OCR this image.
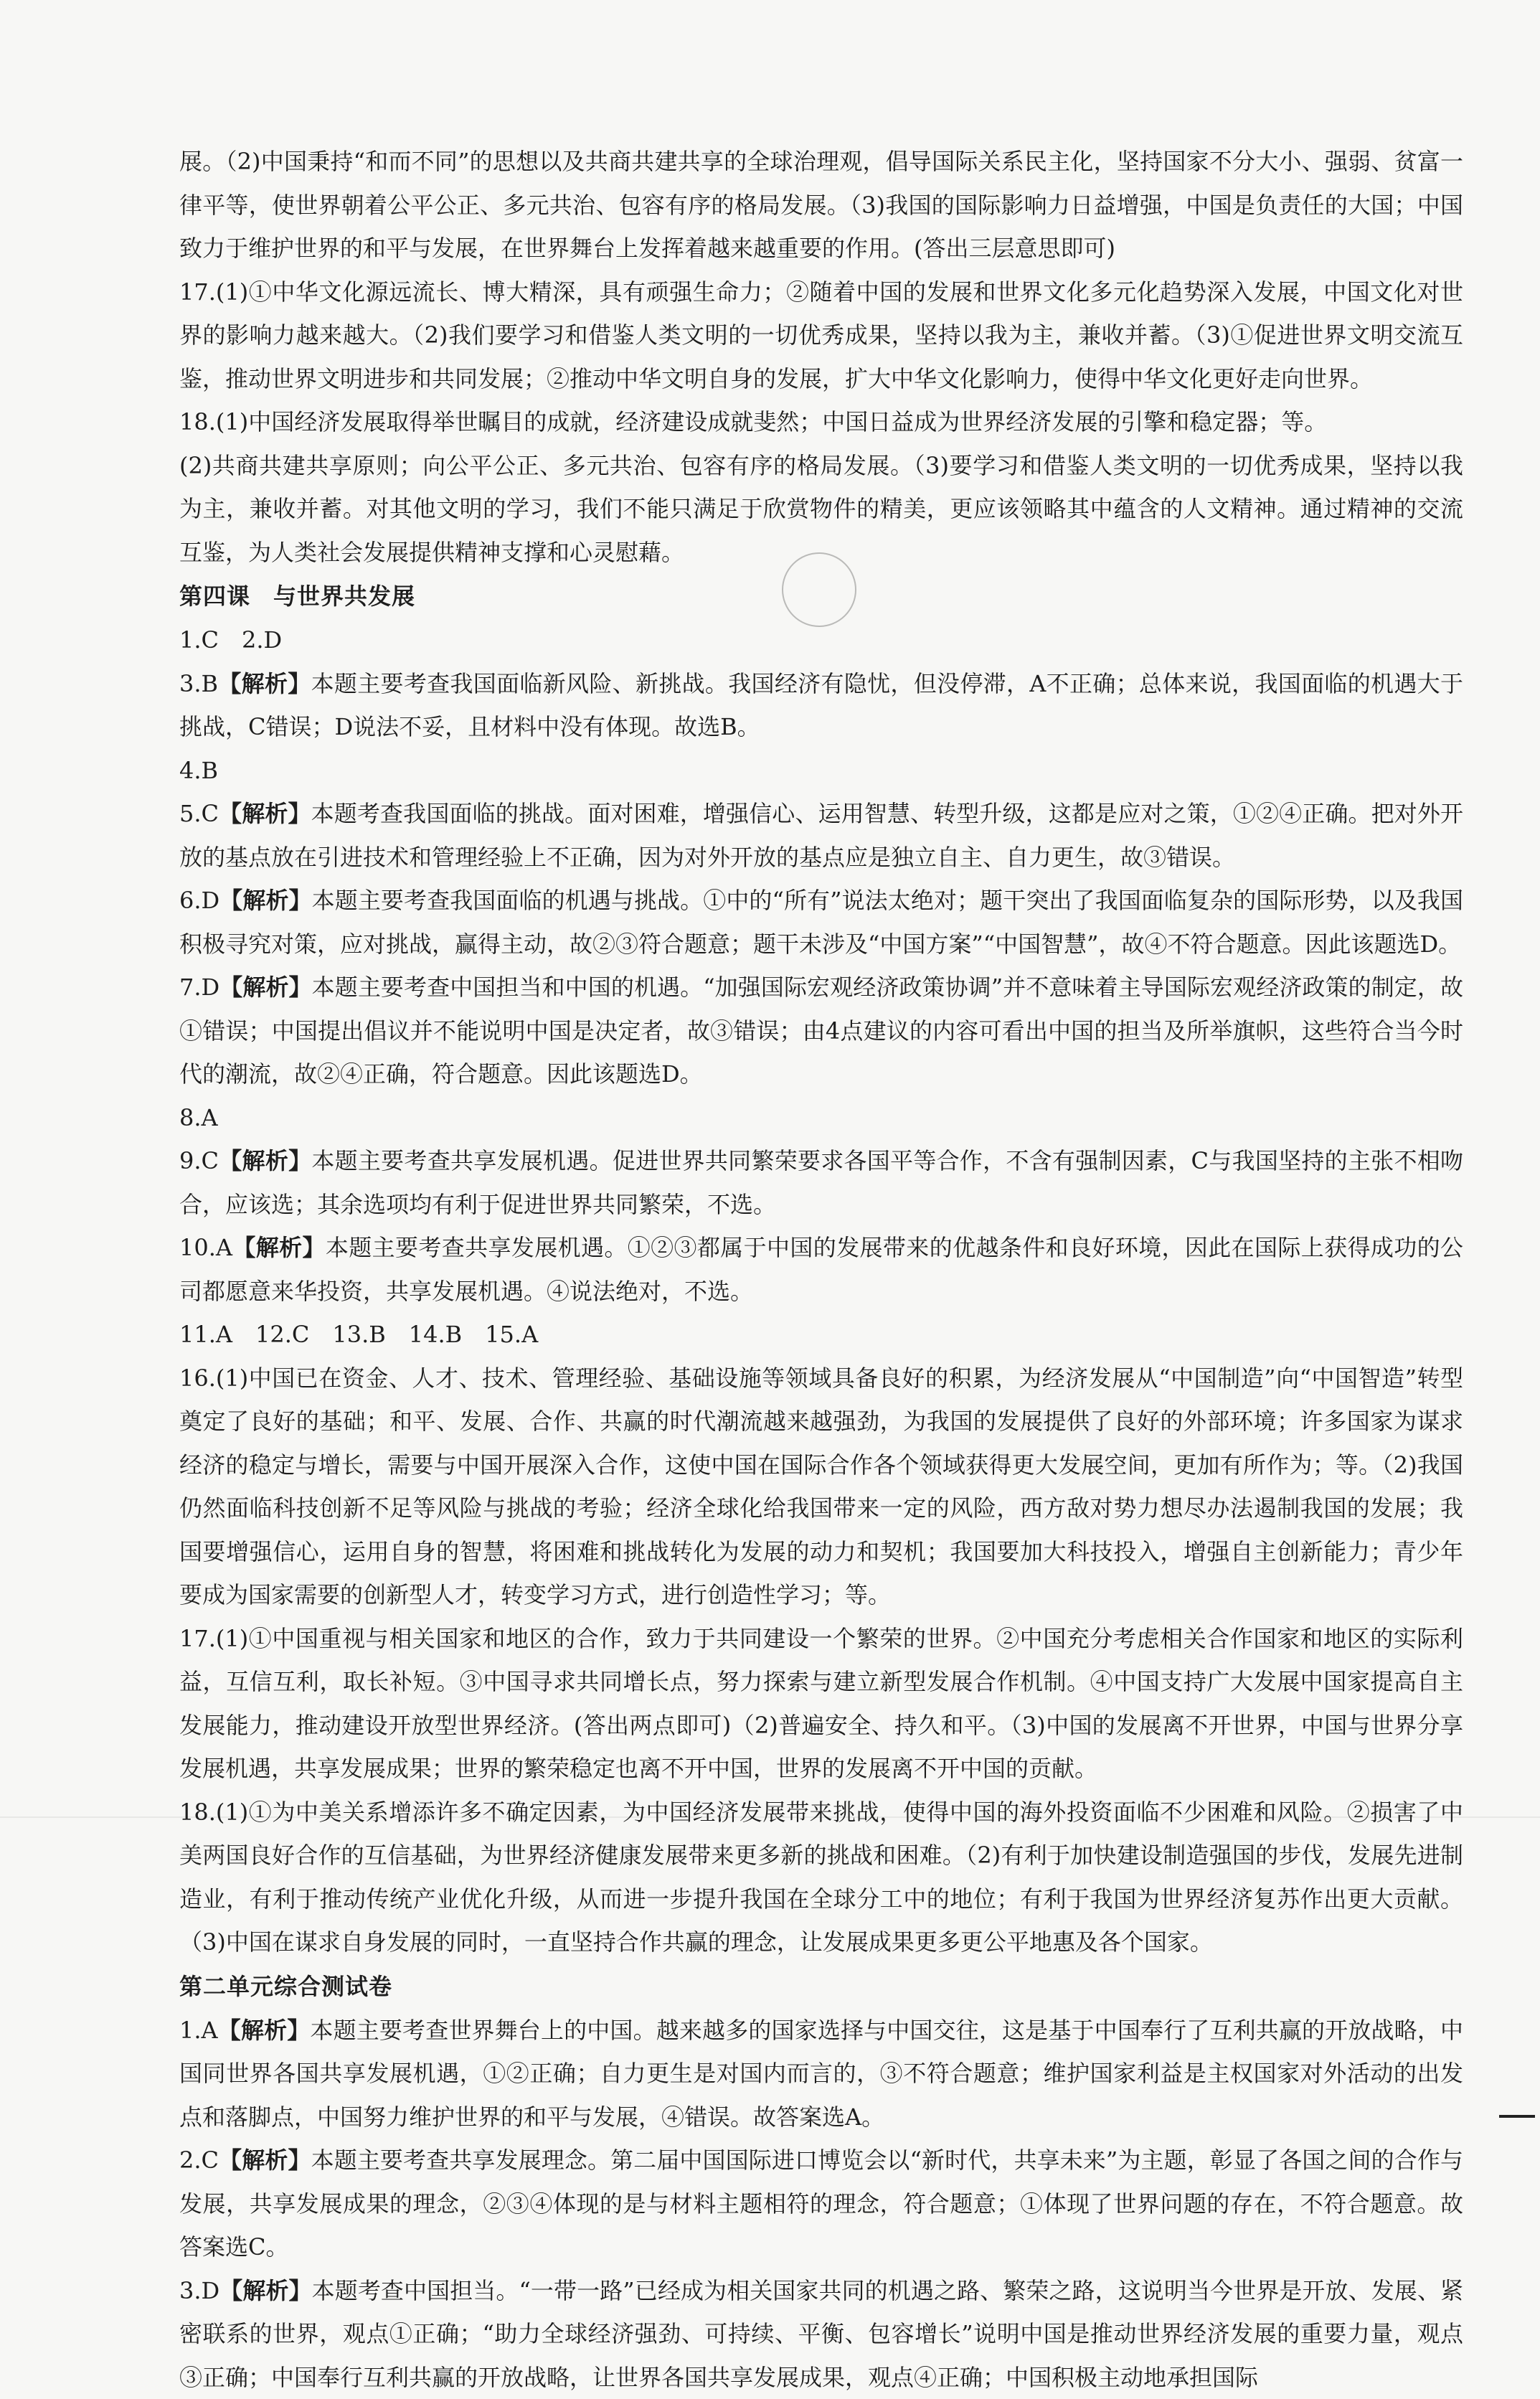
展。（2)中国秉持“和而不同”的思想以及共商共建共享的全球治理观，倡导国际关系民主化，坚持国家不分大小、强弱、贫富一律平等，使世界朝着公平公正、多元共治、包容有序的格局发展。（3)我国的国际影响力日益增强，中国是负责任的大国；中国致力于维护世界的和平与发展，在世界舞台上发挥着越来越重要的作用。(答出三层意思即可)

17.(1)①中华文化源远流长、博大精深，具有顽强生命力；②随着中国的发展和世界文化多元化趋势深入发展，中国文化对世界的影响力越来越大。（2)我们要学习和借鉴人类文明的一切优秀成果，坚持以我为主，兼收并蓄。（3)①促进世界文明交流互鉴，推动世界文明进步和共同发展；②推动中华文明自身的发展，扩大中华文化影响力，使得中华文化更好走向世界。

18.(1)中国经济发展取得举世瞩目的成就，经济建设成就斐然；中国日益成为世界经济发展的引擎和稳定器；等。

(2)共商共建共享原则；向公平公正、多元共治、包容有序的格局发展。（3)要学习和借鉴人类文明的一切优秀成果，坚持以我为主，兼收并蓄。对其他文明的学习，我们不能只满足于欣赏物件的精美，更应该领略其中蕴含的人文精神。通过精神的交流互鉴，为人类社会发展提供精神支撑和心灵慰藉。

第四课 与世界共发展

1.C　2.D

3.B【解析】本题主要考查我国面临新风险、新挑战。我国经济有隐忧，但没停滞，A不正确；总体来说，我国面临的机遇大于挑战，C错误；D说法不妥，且材料中没有体现。故选B。

4.B

5.C【解析】本题考查我国面临的挑战。面对困难，增强信心、运用智慧、转型升级，这都是应对之策，①②④正确。把对外开放的基点放在引进技术和管理经验上不正确，因为对外开放的基点应是独立自主、自力更生，故③错误。

6.D【解析】本题主要考查我国面临的机遇与挑战。①中的“所有”说法太绝对；题干突出了我国面临复杂的国际形势，以及我国积极寻究对策，应对挑战，赢得主动，故②③符合题意；题干未涉及“中国方案”“中国智慧”，故④不符合题意。因此该题选D。

7.D【解析】本题主要考查中国担当和中国的机遇。“加强国际宏观经济政策协调”并不意味着主导国际宏观经济政策的制定，故①错误；中国提出倡议并不能说明中国是决定者，故③错误；由4点建议的内容可看出中国的担当及所举旗帜，这些符合当今时代的潮流，故②④正确，符合题意。因此该题选D。

8.A

9.C【解析】本题主要考查共享发展机遇。促进世界共同繁荣要求各国平等合作，不含有强制因素，C与我国坚持的主张不相吻合，应该选；其余选项均有利于促进世界共同繁荣，不选。

10.A【解析】本题主要考查共享发展机遇。①②③都属于中国的发展带来的优越条件和良好环境，因此在国际上获得成功的公司都愿意来华投资，共享发展机遇。④说法绝对，不选。

11.A　12.C　13.B　14.B　15.A

16.(1)中国已在资金、人才、技术、管理经验、基础设施等领域具备良好的积累，为经济发展从“中国制造”向“中国智造”转型奠定了良好的基础；和平、发展、合作、共赢的时代潮流越来越强劲，为我国的发展提供了良好的外部环境；许多国家为谋求经济的稳定与增长，需要与中国开展深入合作，这使中国在国际合作各个领域获得更大发展空间，更加有所作为；等。（2)我国仍然面临科技创新不足等风险与挑战的考验；经济全球化给我国带来一定的风险，西方敌对势力想尽办法遏制我国的发展；我国要增强信心，运用自身的智慧，将困难和挑战转化为发展的动力和契机；我国要加大科技投入，增强自主创新能力；青少年要成为国家需要的创新型人才，转变学习方式，进行创造性学习；等。

17.(1)①中国重视与相关国家和地区的合作，致力于共同建设一个繁荣的世界。②中国充分考虑相关合作国家和地区的实际利益，互信互利，取长补短。③中国寻求共同增长点，努力探索与建立新型发展合作机制。④中国支持广大发展中国家提高自主发展能力，推动建设开放型世界经济。(答出两点即可)（2)普遍安全、持久和平。（3)中国的发展离不开世界，中国与世界分享发展机遇，共享发展成果；世界的繁荣稳定也离不开中国，世界的发展离不开中国的贡献。

18.(1)①为中美关系增添许多不确定因素，为中国经济发展带来挑战，使得中国的海外投资面临不少困难和风险。②损害了中美两国良好合作的互信基础，为世界经济健康发展带来更多新的挑战和困难。（2)有利于加快建设制造强国的步伐，发展先进制造业，有利于推动传统产业优化升级，从而进一步提升我国在全球分工中的地位；有利于我国为世界经济复苏作出更大贡献。（3)中国在谋求自身发展的同时，一直坚持合作共赢的理念，让发展成果更多更公平地惠及各个国家。

第二单元综合测试卷

1.A【解析】本题主要考查世界舞台上的中国。越来越多的国家选择与中国交往，这是基于中国奉行了互利共赢的开放战略，中国同世界各国共享发展机遇，①②正确；自力更生是对国内而言的，③不符合题意；维护国家利益是主权国家对外活动的出发点和落脚点，中国努力维护世界的和平与发展，④错误。故答案选A。

2.C【解析】本题主要考查共享发展理念。第二届中国国际进口博览会以“新时代，共享未来”为主题，彰显了各国之间的合作与发展，共享发展成果的理念，②③④体现的是与材料主题相符的理念，符合题意；①体现了世界问题的存在，不符合题意。故答案选C。

3.D【解析】本题考查中国担当。“一带一路”已经成为相关国家共同的机遇之路、繁荣之路，这说明当今世界是开放、发展、紧密联系的世界，观点①正确；“助力全球经济强劲、可持续、平衡、包容增长”说明中国是推动世界经济发展的重要力量，观点③正确；中国奉行互利共赢的开放战略，让世界各国共享发展成果，观点④正确；中国积极主动地承担国际
